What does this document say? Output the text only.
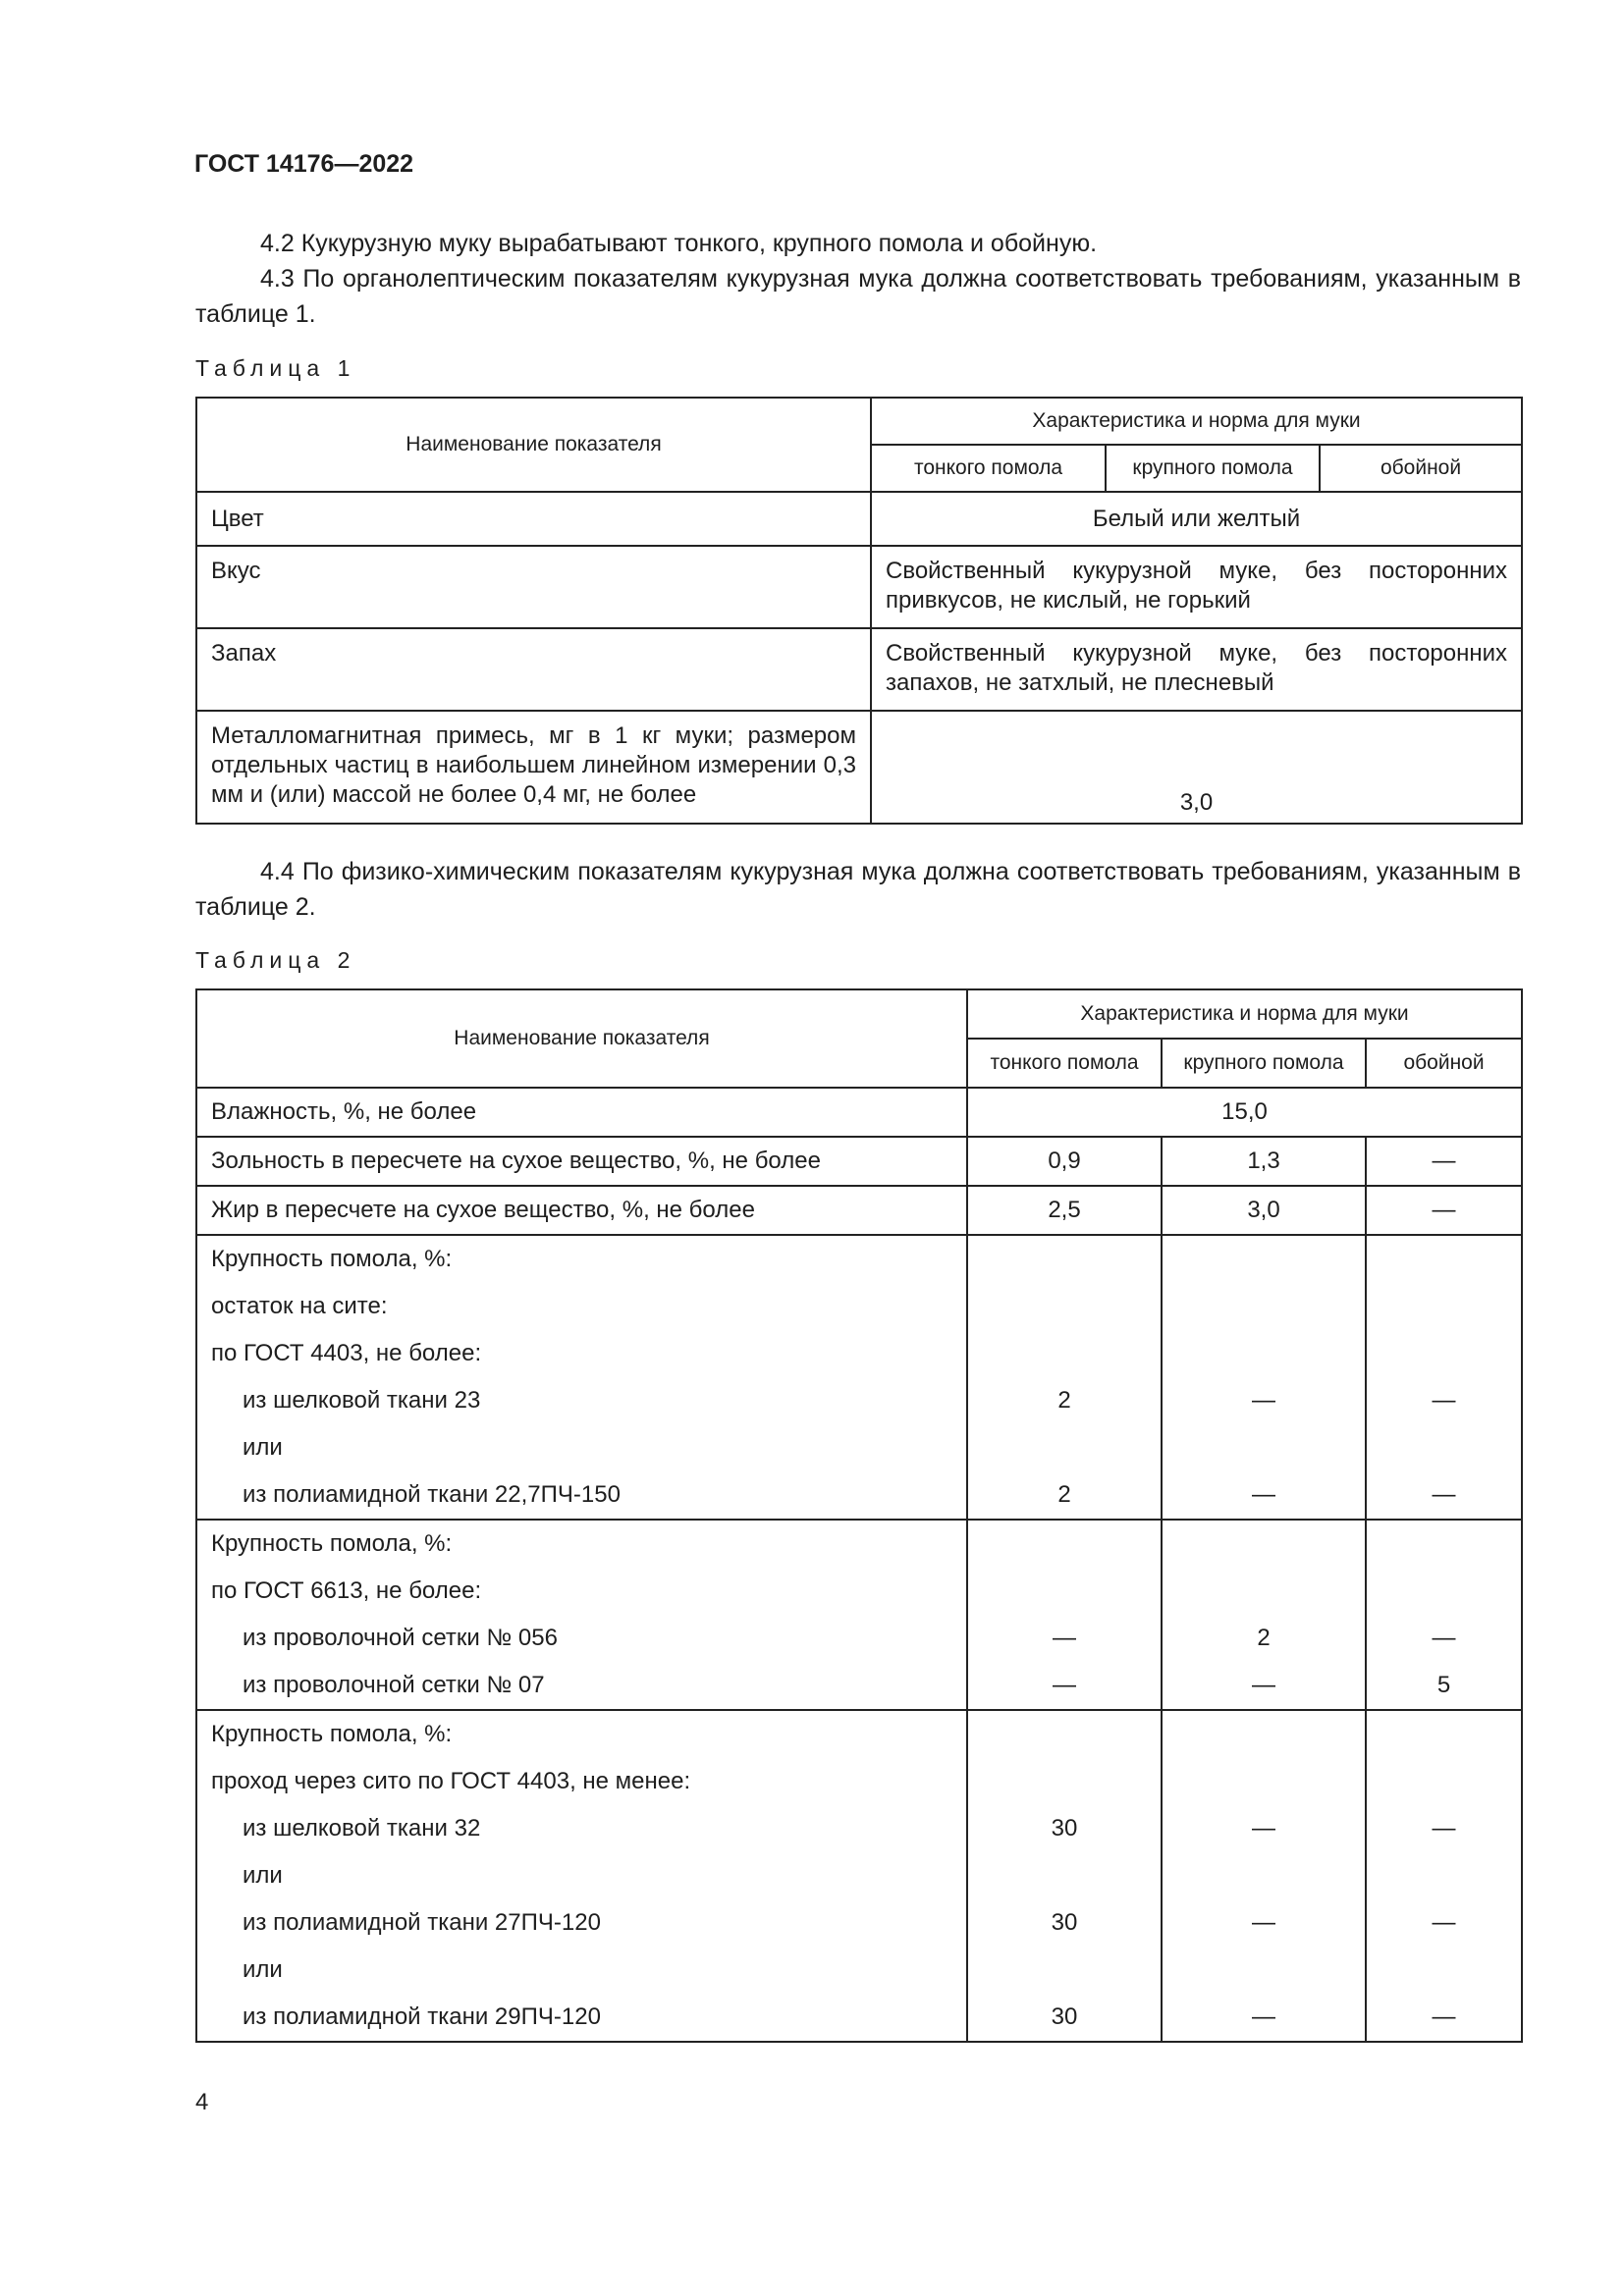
ГОСТ 14176—2022
4.2 Кукурузную муку вырабатывают тонкого, крупного помола и обойную.
4.3 По органолептическим показателям кукурузная мука должна соответствовать требованиям, указанным в таблице 1.
Таблица 1
Наименование показателя	Характеристика и норма для муки		
	тонкого помола	крупного помола	обойной
Цвет	Белый или желтый		
Вкус	Свойственный кукурузной муке, без посторонних привкусов, не кислый, не горький		
Запах	Свойственный кукурузной муке, без посторонних запахов, не затхлый, не плесневый		
Металломагнитная примесь, мг в 1 кг муки; размером отдельных частиц в наибольшем линейном измерении 0,3 мм и (или) массой не более 0,4 мг, не более	3,0		
4.4 По физико-химическим показателям кукурузная мука должна соответствовать требованиям, указанным в таблице 2.
Таблица 2
Наименование показателя	Характеристика и норма для муки		
	тонкого помола	крупного помола	обойной
Влажность, %, не более	15,0		
Зольность в пересчете на сухое вещество, %, не более	0,9	1,3	—
Жир в пересчете на сухое вещество, %, не более	2,5	3,0	—
Крупность помола, %:			
остаток на сите:			
по ГОСТ 4403, не более:			
из шелковой ткани 23	2	—	—
или			
из полиамидной ткани 22,7ПЧ-150	2	—	—
Крупность помола, %:			
по ГОСТ 6613, не более:			
из проволочной сетки № 056	—	2	—
из проволочной сетки № 07	—	—	5
Крупность помола, %:			
проход через сито по ГОСТ 4403, не менее:			
из шелковой ткани 32	30	—	—
или			
из полиамидной ткани 27ПЧ-120	30	—	—
или			
из полиамидной ткани 29ПЧ-120	30	—	—
4
